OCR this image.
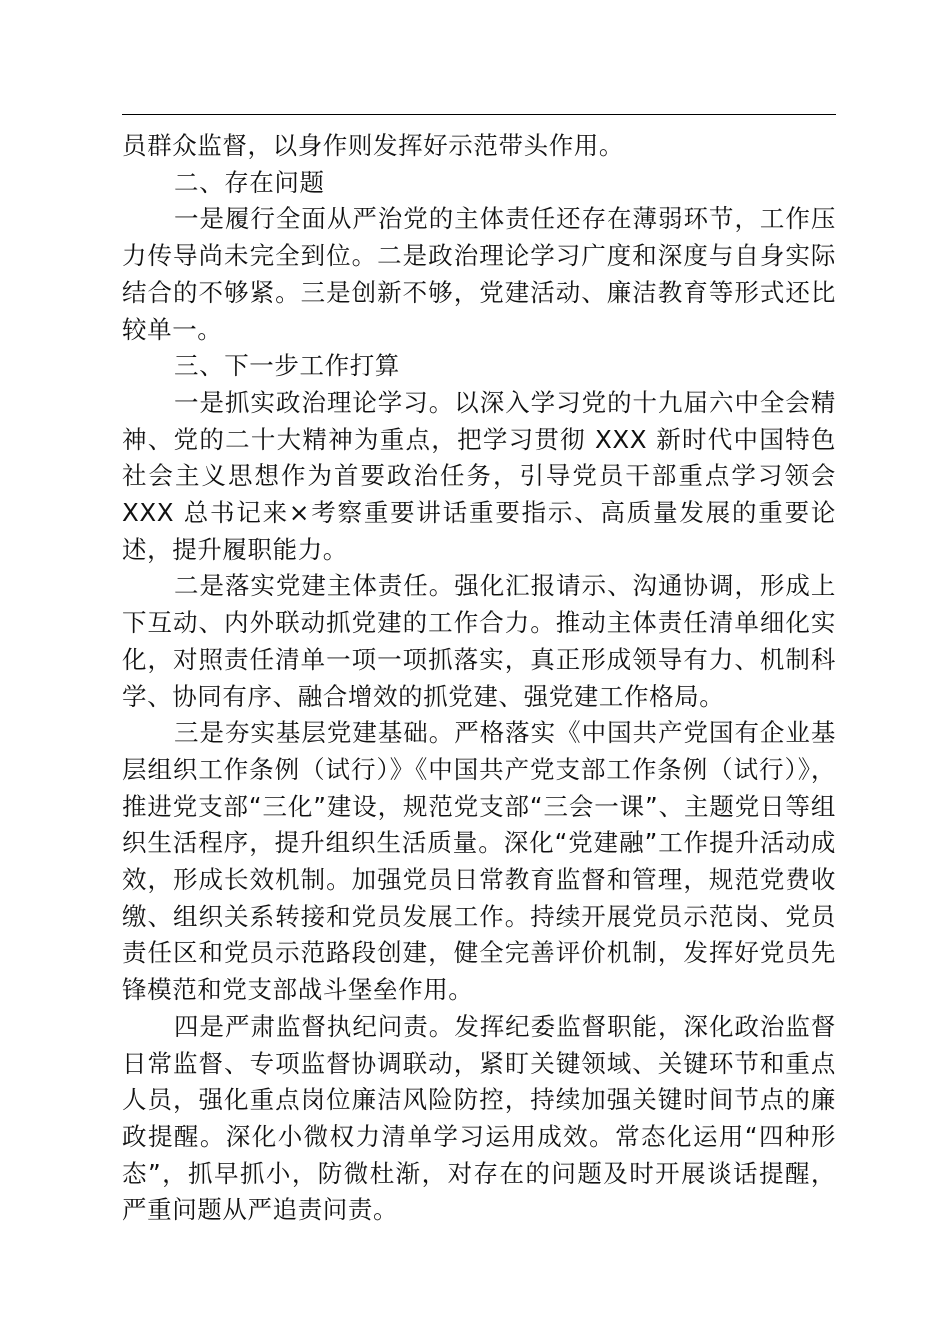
员群众监督，以身作则发挥好示范带头作用。

二、存在问题

一是履行全面从严治党的主体责任还存在薄弱环节，工作压力传导尚未完全到位。二是政治理论学习广度和深度与自身实际结合的不够紧。三是创新不够，党建活动、廉洁教育等形式还比较单一。

三、下一步工作打算

一是抓实政治理论学习。以深入学习党的十九届六中全会精神、党的二十大精神为重点，把学习贯彻 XXX 新时代中国特色社会主义思想作为首要政治任务，引导党员干部重点学习领会 XXX 总书记来×考察重要讲话重要指示、高质量发展的重要论述，提升履职能力。

二是落实党建主体责任。强化汇报请示、沟通协调，形成上下互动、内外联动抓党建的工作合力。推动主体责任清单细化实化，对照责任清单一项一项抓落实，真正形成领导有力、机制科学、协同有序、融合增效的抓党建、强党建工作格局。

三是夯实基层党建基础。严格落实《中国共产党国有企业基层组织工作条例（试行）》《中国共产党支部工作条例（试行）》，推进党支部“三化”建设，规范党支部“三会一课”、主题党日等组织生活程序，提升组织生活质量。深化“党建融”工作提升活动成效，形成长效机制。加强党员日常教育监督和管理，规范党费收缴、组织关系转接和党员发展工作。持续开展党员示范岗、党员责任区和党员示范路段创建，健全完善评价机制，发挥好党员先锋模范和党支部战斗堡垒作用。

四是严肃监督执纪问责。发挥纪委监督职能，深化政治监督日常监督、专项监督协调联动，紧盯关键领域、关键环节和重点人员，强化重点岗位廉洁风险防控，持续加强关键时间节点的廉政提醒。深化小微权力清单学习运用成效。常态化运用“四种形态”，抓早抓小，防微杜渐，对存在的问题及时开展谈话提醒，严重问题从严追责问责。
